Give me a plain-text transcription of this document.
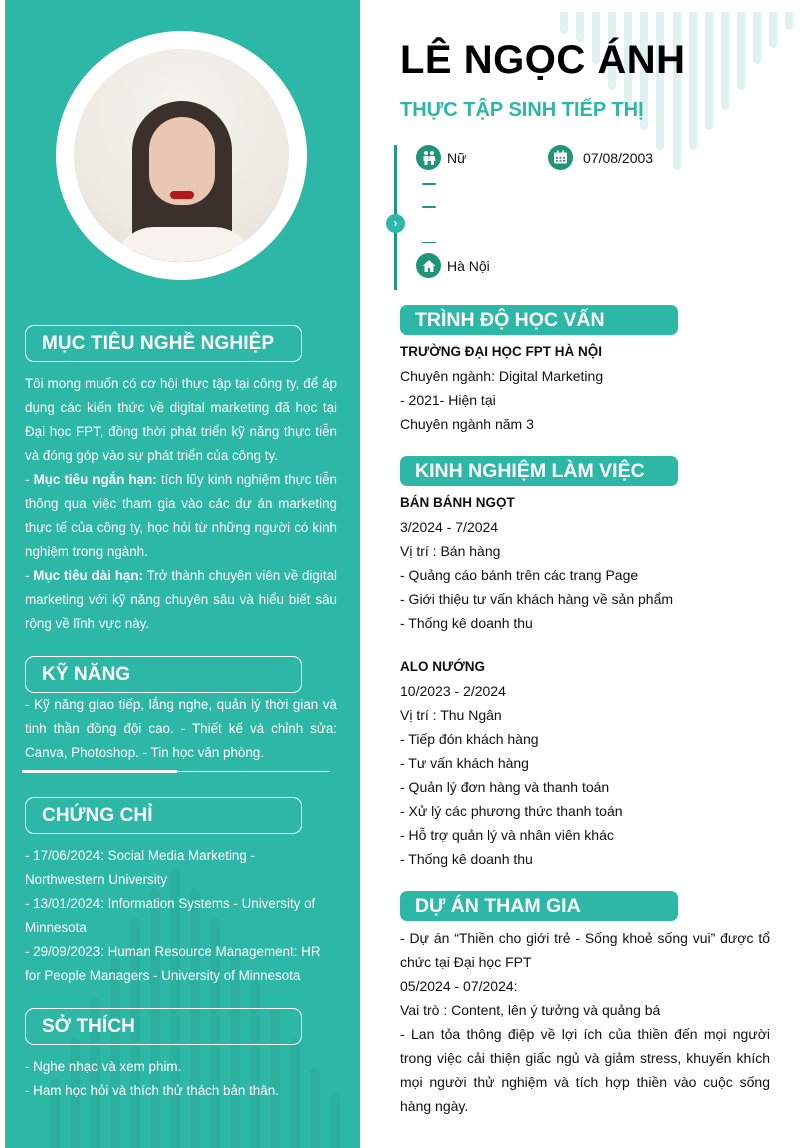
MỤC TIÊU NGHỀ NGHIỆP
Tôi mong muốn có cơ hội thực tập tại công ty, để áp dụng các kiến thức về digital marketing đã học tại Đại học FPT, đồng thời phát triển kỹ năng thực tiễn và đóng góp vào sự phát triển của công ty.
- Mục tiêu ngắn hạn: tích lũy kinh nghiệm thực tiễn thông qua việc tham gia vào các dự án marketing thực tế của công ty, học hỏi từ những người có kinh nghiệm trong ngành.
- Mục tiêu dài hạn: Trở thành chuyên viên về digital marketing với kỹ năng chuyên sâu và hiểu biết sâu rộng về lĩnh vực này.
KỸ NĂNG
- Kỹ năng giao tiếp, lắng nghe, quản lý thời gian và tinh thần đồng đội cao. - Thiết kế và chỉnh sửa: Canva, Photoshop. - Tin học văn phòng.
CHỨNG CHỈ
- 17/06/2024: Social Media Marketing - Northwestern University
- 13/01/2024: Information Systems - University of Minnesota
- 29/09/2023: Human Resource Management: HR for People Managers - University of Minnesota
SỞ THÍCH
- Nghe nhạc và xem phim.
- Ham học hỏi và thích thử thách bản thân.
LÊ NGỌC ÁNH
THỰC TẬP SINH TIẾP THỊ
›
Nữ	07/08/2003
Hà Nội
TRÌNH ĐỘ HỌC VẤN
TRƯỜNG ĐẠI HỌC FPT HÀ NỘI
Chuyên ngành: Digital Marketing
- 2021- Hiện tại
Chuyên ngành năm 3
KINH NGHIỆM LÀM VIỆC
BÁN BÁNH NGỌT
3/2024 - 7/2024
Vị trí : Bán hàng
- Quảng cáo bánh trên các trang Page
- Giới thiệu tư vấn khách hàng về sản phẩm
- Thống kê doanh thu
ALO NƯỚNG
10/2023 - 2/2024
Vị trí : Thu Ngân
- Tiếp đón khách hàng
- Tư vấn khách hàng
- Quản lý đơn hàng và thanh toán
- Xử lý các phương thức thanh toán
- Hỗ trợ quản lý và nhân viên khác
- Thống kê doanh thu
DỰ ÁN THAM GIA
- Dự án “Thiền cho giới trẻ - Sống khoẻ sống vui” được tổ chức tại Đại học FPT
05/2024 - 07/2024:
Vai trò : Content, lên ý tưởng và quảng bá
- Lan tỏa thông điệp về lợi ích của thiền đến mọi người trong việc cải thiện giấc ngủ và giảm stress, khuyến khích mọi người thử nghiệm và tích hợp thiền vào cuộc sống hàng ngày.
